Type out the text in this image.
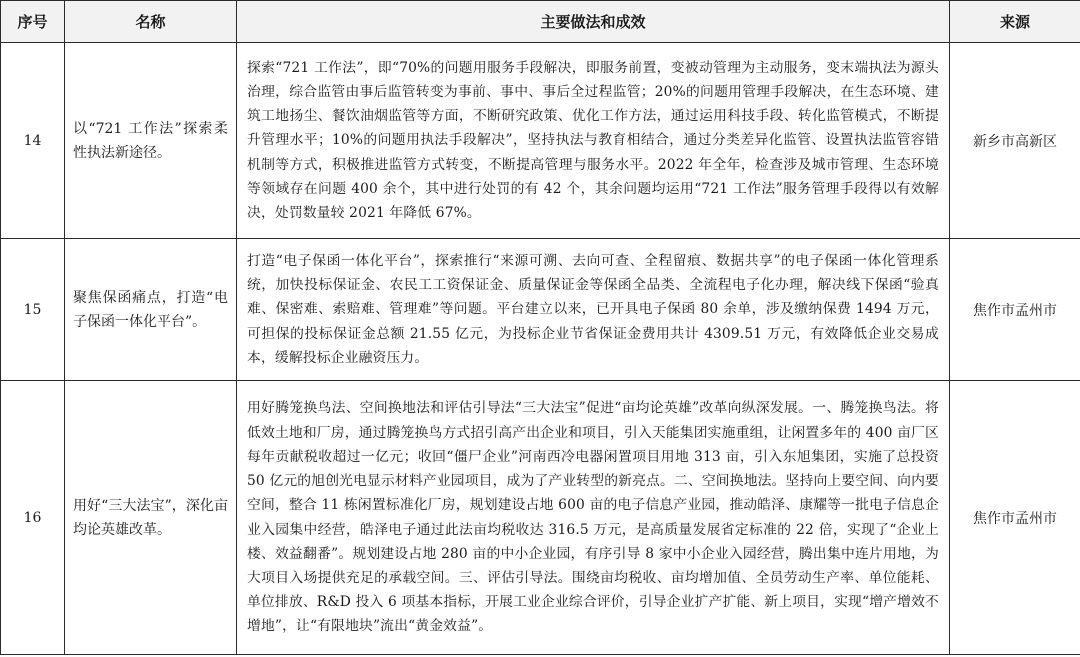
序号	名称	主要做法和成效	来源
14	以“721 工作法”探索柔性执法新途径。	探索“721 工作法”，即“70%的问题用服务手段解决，即服务前置，变被动管理为主动服务，变末端执法为源头治理，综合监管由事后监管转变为事前、事中、事后全过程监管；20%的问题用管理手段解决，在生态环境、建筑工地扬尘、餐饮油烟监管等方面，不断研究政策、优化工作方法，通过运用科技手段、转化监管模式，不断提升管理水平；10%的问题用执法手段解决”，坚持执法与教育相结合，通过分类差异化监管、设置执法监管容错机制等方式，积极推进监管方式转变，不断提高管理与服务水平。2022 年全年，检查涉及城市管理、生态环境等领域存在问题 400 余个，其中进行处罚的有 42 个，其余问题均运用“721 工作法”服务管理手段得以有效解决，处罚数量较 2021 年降低 67%。	新乡市高新区
15	聚焦保函痛点，打造“电子保函一体化平台”。	打造“电子保函一体化平台”，探索推行“来源可溯、去向可查、全程留痕、数据共享”的电子保函一体化管理系统，加快投标保证金、农民工工资保证金、质量保证金等保函全品类、全流程电子化办理，解决线下保函“验真难、保密难、索赔难、管理难”等问题。平台建立以来，已开具电子保函 80 余单，涉及缴纳保费 1494 万元，可担保的投标保证金总额 21.55 亿元，为投标企业节省保证金费用共计 4309.51 万元，有效降低企业交易成本，缓解投标企业融资压力。	焦作市孟州市
16	用好“三大法宝”，深化亩均论英雄改革。	用好腾笼换鸟法、空间换地法和评估引导法“三大法宝”促进“亩均论英雄”改革向纵深发展。一、腾笼换鸟法。将低效土地和厂房，通过腾笼换鸟方式招引高产出企业和项目，引入天能集团实施重组，让闲置多年的 400 亩厂区每年贡献税收超过一亿元；收回“僵尸企业”河南西冷电器闲置项目用地 313 亩，引入东旭集团，实施了总投资 50 亿元的旭创光电显示材料产业园项目，成为了产业转型的新亮点。二、空间换地法。坚持向上要空间、向内要空间，整合 11 栋闲置标准化厂房，规划建设占地 600 亩的电子信息产业园，推动皓泽、康耀等一批电子信息企业入园集中经营，皓泽电子通过此法亩均税收达 316.5 万元，是高质量发展省定标准的 22 倍，实现了“企业上楼、效益翻番”。规划建设占地 280 亩的中小企业园，有序引导 8 家中小企业入园经营，腾出集中连片用地，为大项目入场提供充足的承载空间。三、评估引导法。围绕亩均税收、亩均增加值、全员劳动生产率、单位能耗、单位排放、R&D 投入 6 项基本指标，开展工业企业综合评价，引导企业扩产扩能、新上项目，实现“增产增效不增地”，让“有限地块”流出“黄金效益”。	焦作市孟州市
